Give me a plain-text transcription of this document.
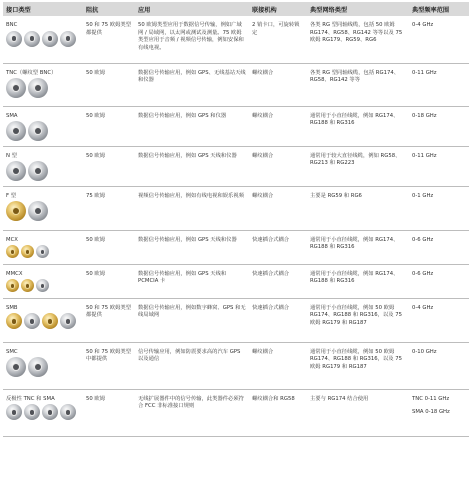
接口类型	阻抗	应用	联接机构	典型网络类型	典型频率范围

BNC	50 和 75 欧姆类型都提供	50 欧姆类型应用于数据信号传输，例如广域网 / 局域网，以太网或测试及测量。75 欧姆类型应用于音频 / 视频信号传输，例如安保和有线电视。	2 销卡口，可旋转锁定	各类 RG 型同轴线缆，包括 50 欧姆 RG174、RG58、RG142 等等以及 75 欧姆 RG179、RG59、RG6	0-4 GHz

TNC（螺纹型 BNC）	50 欧姆	数据信号传输应用，例如 GPS、无线基站天线和仪器	螺纹耦合	各类 RG 型同轴线缆，包括 RG174、RG58、RG142 等等	0-11 GHz

SMA	50 欧姆	数据信号传输应用，例如 GPS 和仪器	螺纹耦合	通常用于小直径线缆，例如 RG174、RG188 和 RG316	0-18 GHz

N 型	50 欧姆	数据信号传输应用，例如 GPS 天线和仪器	螺纹耦合	通常用于较大直径线缆，例如 RG58、RG213 和 RG223	0-11 GHz

F 型	75 欧姆	视频信号传输应用，例如有线电视和娱乐视频	螺纹耦合	主要是 RG59 和 RG6	0-1 GHz

MCX	50 欧姆	数据信号传输应用，例如 GPS 天线和仪器	快速插合式耦合	通常用于小直径线缆，例如 RG174、RG188 和 RG316	0-6 GHz

MMCX	50 欧姆	数据信号传输应用，例如 GPS 天线和 PCMCIA 卡	快速插合式耦合	通常用于小直径线缆，例如 RG174、RG188 和 RG316	0-6 GHz

SMB	50 和 75 欧姆类型都提供	数据信号传输应用，例如数字蜂窝、GPS 和无线局域网	快速插合式耦合	通常用于小直径线缆，例如 50 欧姆 RG174、RG188 和 RG316，以及 75 欧姆 RG179 和 RG187	0-4 GHz

SMC	50 和 75 欧姆类型中都提供	信号传输应用，例如防震要求高的汽车 GPS 以及通信	螺纹耦合	通常用于小直径线缆，例如 50 欧姆 RG174、RG188 和 RG316，以及 75 欧姆 RG179 和 RG187	0-10 GHz

反极性 TNC 和 SMA	50 欧姆	无线扩展器件中的信号传输，此类器件必须符合 FCC 非标准接口规则	螺纹耦合和 RG58	主要与 RG174 结合使用	TNC 0-11 GHz
SMA 0-18 GHz
